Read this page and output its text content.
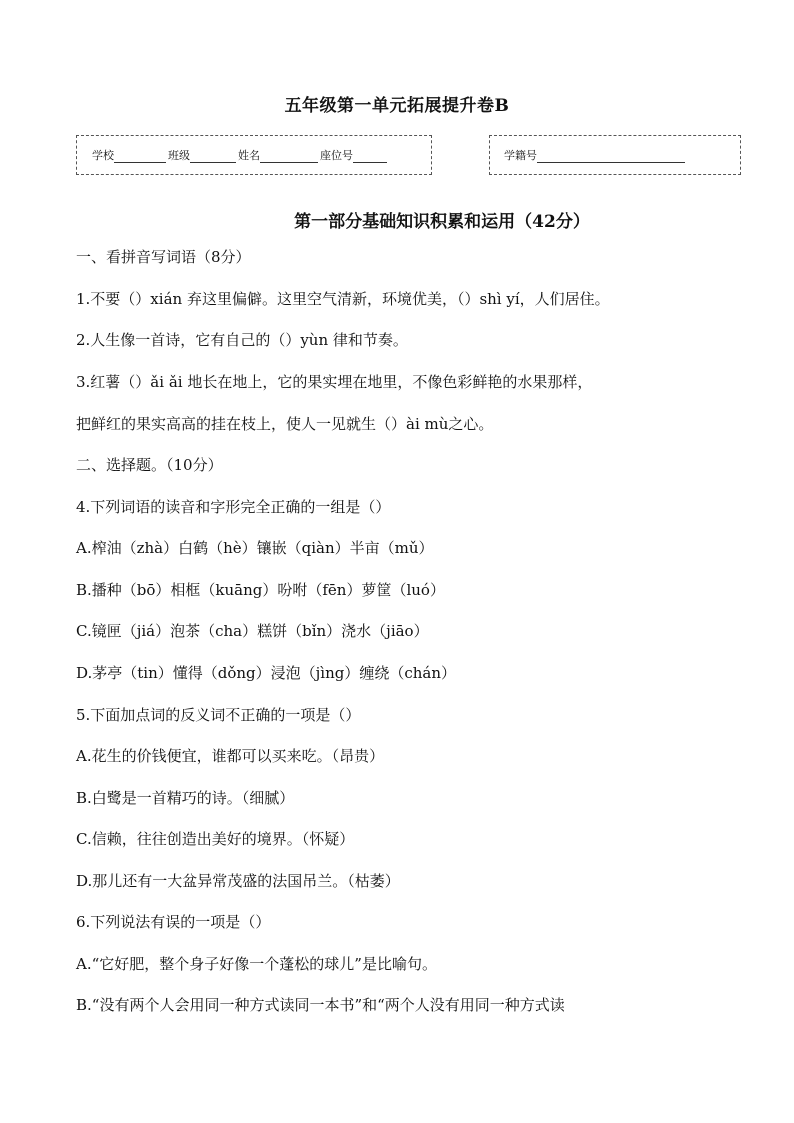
五年级第一单元拓展提升卷B
学校	班级	姓名	座位号	学籍号
第一部分基础知识积累和运用（42分）
一、看拼音写词语（8分）
1.不要（）xián 弃这里偏僻。这里空气清新，环境优美，（）shì yí，人们居住。
2.人生像一首诗，它有自己的（）yùn 律和节奏。
3.红薯（）ǎi ǎi 地长在地上，它的果实埋在地里，不像色彩鲜艳的水果那样，
把鲜红的果实高高的挂在枝上，使人一见就生（）ài mù之心。
二、选择题。（10分）
4.下列词语的读音和字形完全正确的一组是（）
A.榨油（zhà）白鹤（hè）镶嵌（qiàn）半亩（mǔ）
B.播种（bō）相框（kuāng）吩咐（fēn）萝筐（luó）
C.镜匣（jiá）泡茶（cha）糕饼（bǐn）浇水（jiāo）
D.茅亭（tin）懂得（dǒng）浸泡（jìng）缠绕（chán）
5.下面加点词的反义词不正确的一项是（）
A.花生的价钱便宜，谁都可以买来吃。（昂贵）
B.白鹭是一首精巧的诗。（细腻）
C.信赖，往往创造出美好的境界。（怀疑）
D.那儿还有一大盆异常茂盛的法国吊兰。（枯萎）
6.下列说法有误的一项是（）
A.“它好肥，整个身子好像一个蓬松的球儿”是比喻句。
B.“没有两个人会用同一种方式读同一本书”和“两个人没有用同一种方式读
